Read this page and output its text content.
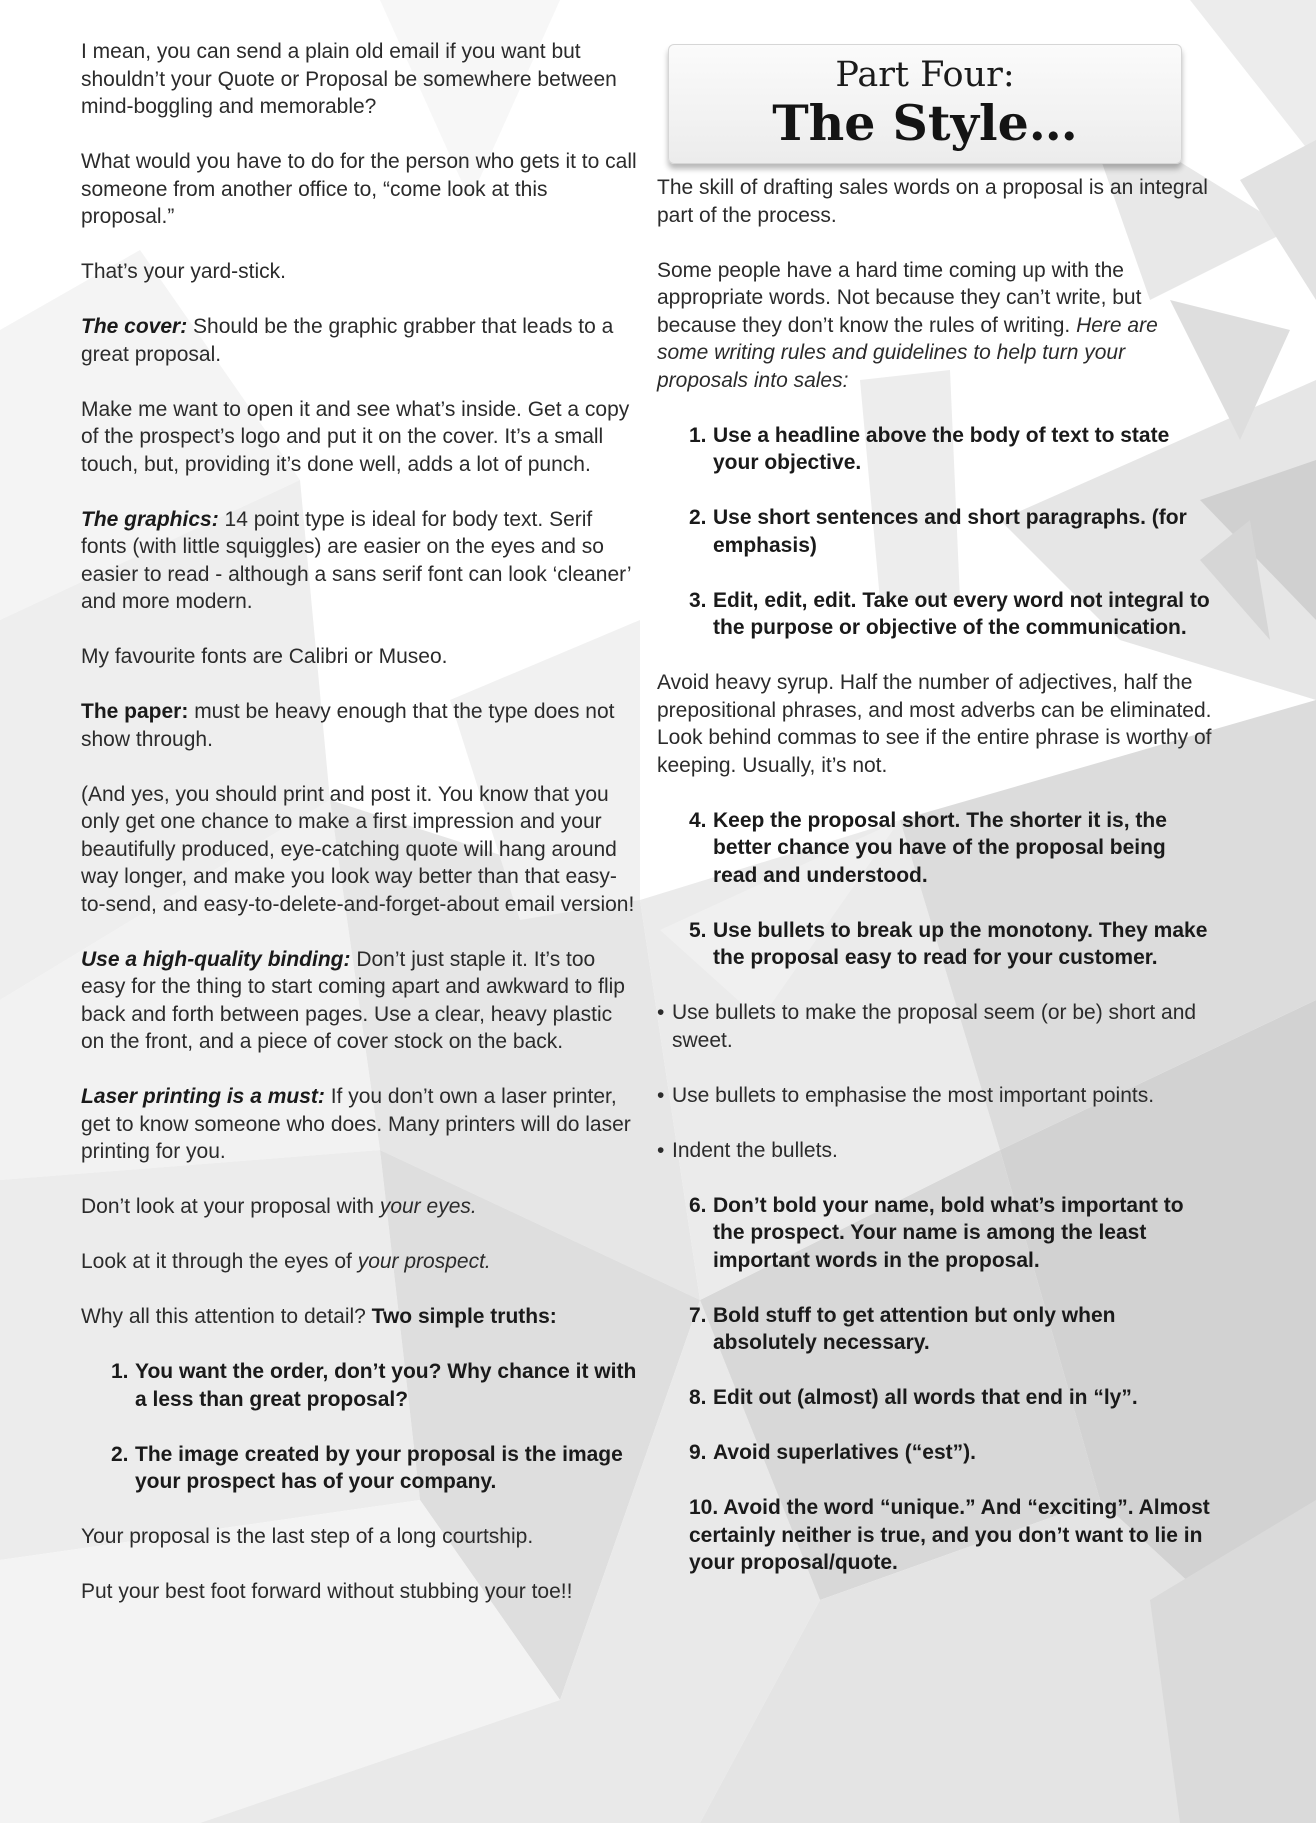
Part Four:
The Style…

I mean, you can send a plain old email if you want but shouldn’t your Quote or Proposal be somewhere between mind-boggling and memorable?

What would you have to do for the person who gets it to call someone from another office to, “come look at this proposal.”

That’s your yard-stick.

The cover: Should be the graphic grabber that leads to a great proposal.

Make me want to open it and see what’s inside. Get a copy of the prospect’s logo and put it on the cover. It’s a small touch, but, providing it’s done well, adds a lot of punch.

The graphics: 14 point type is ideal for body text. Serif fonts (with little squiggles) are easier on the eyes and so easier to read - although a sans serif font can look ‘cleaner’ and more modern.

My favourite fonts are Calibri or Museo.

The paper: must be heavy enough that the type does not show through.

(And yes, you should print and post it. You know that you only get one chance to make a first impression and your beautifully produced, eye-catching quote will hang around way longer, and make you look way better than that easy-to-send, and easy-to-delete-and-forget-about email version!

Use a high-quality binding: Don’t just staple it. It’s too easy for the thing to start coming apart and awkward to flip back and forth between pages. Use a clear, heavy plastic on the front, and a piece of cover stock on the back.

Laser printing is a must: If you don’t own a laser printer, get to know someone who does. Many printers will do laser printing for you.

Don’t look at your proposal with your eyes.

Look at it through the eyes of your prospect.

Why all this attention to detail? Two simple truths:

1. You want the order, don’t you? Why chance it with a less than great proposal?
2. The image created by your proposal is the image your prospect has of your company.

Your proposal is the last step of a long courtship.

Put your best foot forward without stubbing your toe!!

The skill of drafting sales words on a proposal is an integral part of the process.

Some people have a hard time coming up with the appropriate words. Not because they can’t write, but because they don’t know the rules of writing. Here are some writing rules and guidelines to help turn your proposals into sales:

1. Use a headline above the body of text to state your objective.
2. Use short sentences and short paragraphs. (for emphasis)
3. Edit, edit, edit. Take out every word not integral to the purpose or objective of the communication.

Avoid heavy syrup. Half the number of adjectives, half the prepositional phrases, and most adverbs can be eliminated. Look behind commas to see if the entire phrase is worthy of keeping. Usually, it’s not.

4. Keep the proposal short. The shorter it is, the better chance you have of the proposal being read and understood.
5. Use bullets to break up the monotony. They make the proposal easy to read for your customer.
• Use bullets to make the proposal seem (or be) short and sweet.
• Use bullets to emphasise the most important points.
• Indent the bullets.
6. Don’t bold your name, bold what’s important to the prospect. Your name is among the least important words in the proposal.
7. Bold stuff to get attention but only when absolutely necessary.
8. Edit out (almost) all words that end in “ly”.
9. Avoid superlatives (“est”).

10. Avoid the word “unique.” And “exciting”. Almost certainly neither is true, and you don’t want to lie in your proposal/quote.
